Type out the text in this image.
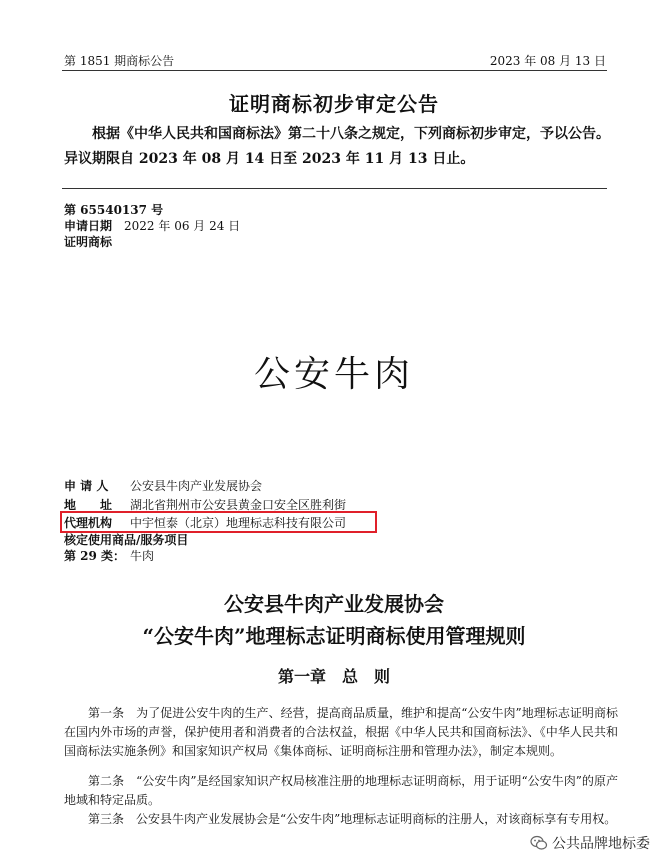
第 1851 期商标公告	2023 年 08 月 13 日
证明商标初步审定公告
根据《中华人民共和国商标法》第二十八条之规定，下列商标初步审定，予以公告。异议期限自 2023 年 08 月 14 日至 2023 年 11 月 13 日止。
第 65540137 号
申请日期　 2022 年 06 月 24 日
证明商标
公安牛肉
申 请 人 公安县牛肉产业发展协会
地　　址 湖北省荆州市公安县黄金口安全区胜利街
代理机构 中宇恒泰（北京）地理标志科技有限公司
核定使用商品/服务项目
第 29 类： 牛肉
公安县牛肉产业发展协会
“公安牛肉”地理标志证明商标使用管理规则
第一章　总　则
第一条　为了促进公安牛肉的生产、经营，提高商品质量，维护和提高“公安牛肉”地理标志证明商标在国内外市场的声誉，保护使用者和消费者的合法权益，根据《中华人民共和国商标法》、《中华人民共和国商标法实施条例》和国家知识产权局《集体商标、证明商标注册和管理办法》，制定本规则。
第二条　“公安牛肉”是经国家知识产权局核准注册的地理标志证明商标，用于证明“公安牛肉”的原产地域和特定品质。
第三条　公安县牛肉产业发展协会是“公安牛肉”地理标志证明商标的注册人，对该商标享有专用权。
公共品牌地标委
